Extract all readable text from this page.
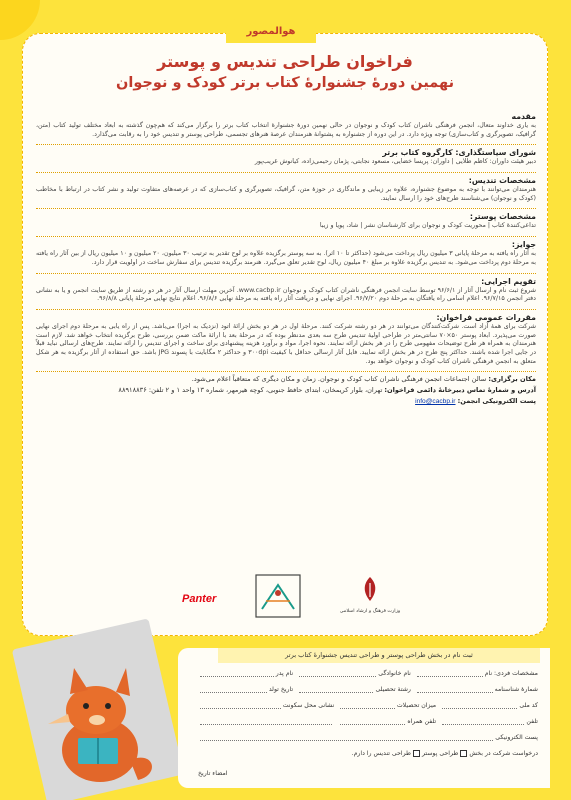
هوالمصور
فراخوان طراحی تندیس و پوستر
نهمین دورهٔ جشنوارهٔ کتاب برتر کودک و نوجوان
مقدمه

به یاری خداوند متعال، انجمن فرهنگی ناشران کتاب کودک و نوجوان در حالی نهمین دورهٔ جشنوارهٔ انتخاب کتاب برتر را برگزار می‌کند که هم‌چون گذشته به ابعاد مختلف تولید کتاب (متن، گرافیک، تصویرگری و کتاب‌سازی) توجه ویژه دارد. در این دوره از جشنواره به پشتوانهٔ هنرمندان عرصهٔ هنرهای تجسمی، طراحی پوستر و تندیس خود را به رقابت می‌گذارد.

شورای سیاستگذاری: کارگروه کتاب برتر

دبیر هیئت داوران: کاظم طلایی | داوران: پریسا خضایی، مسعود نجابتی، پژمان رحیمی‌زاده، کیانوش غریب‌پور

مشخصات تندیس:

هنرمندان می‌توانند با توجه به موضوع جشنواره، علاوه بر زیبایی و ماندگاری در حوزهٔ متن، گرافیک، تصویرگری و کتاب‌سازی که در عرصه‌های متفاوت تولید و نشر کتاب در ارتباط با مخاطب (کودک و نوجوان) می‌شناسند طرح‌های خود را ارسال نمایند.

مشخصات پوستر:

تداعی‌کنندهٔ کتاب | محوریت کودک و نوجوان برای کارشناسان نشر | شاد، پویا و زیبا

جوایز:

به آثار راه یافته به مرحلهٔ پایانی ۳ میلیون ریال پرداخت می‌شود (حداکثر تا ۱۰ اثر). به سه پوستر برگزیده علاوه بر لوح تقدیر به ترتیب ۳۰ میلیون، ۲۰ میلیون و ۱۰ میلیون ریال از بین آثار راه یافته به مرحلهٔ دوم پرداخت می‌شود. به تندیس برگزیده علاوه بر مبلغ ۴۰ میلیون ریال، لوح تقدیر تعلق می‌گیرد. هنرمند برگزیده تندیس برای سفارش ساخت در اولویت قرار دارد.

تقویم اجرایی:

شروع ثبت نام و ارسال آثار از ۹۶/۶/۱ توسط سایت انجمن فرهنگی ناشران کتاب کودک و نوجوان www.cacbp.ir. آخرین مهلت ارسال آثار در هر دو رشته از طریق سایت انجمن و یا به نشانی دفتر انجمن ۹۶/۷/۱۵. اعلام اسامی راه یافتگان به مرحلهٔ دوم ۹۶/۷/۲۰. اجرای نهایی و دریافت آثار راه یافته به مرحلهٔ نهایی ۹۶/۸/۶. اعلام نتایج نهایی مرحلهٔ پایانی ۹۶/۸/۸.

مقررات عمومی فراخوان:

شرکت برای همهٔ آزاد است. شرکت‌کنندگان می‌توانند در هر دو رشته شرکت کنند. مرحلهٔ اول در هر دو بخش ارائهٔ اتود (نزدیک به اجرا) می‌باشد. پس از راه یابی به مرحلهٔ دوم اجرای نهایی صورت می‌پذیرد. ابعاد پوستر ۵۰×۷۰ سانتی‌متر در طراحی اولیهٔ تندیس طرح سه بعدی مدنظر بوده که در مرحلهٔ بعد با ارائهٔ ماکت ضمن بررسی، طرح برگزیده انتخاب خواهد شد. لازم است هنرمندان به همراه هر طرح توضیحات مفهومی طرح را در هر بخش ارائه نمایند. نحوه اجرا، مواد و برآورد هزینه پیشنهادی برای ساخت و اجرای تندیس را ارائه نمایند. طرح‌های ارسالی نباید قبلاً در جایی اجرا شده باشند. حداکثر پنج طرح در هر بخش ارائه نمایید. فایل آثار ارسالی حداقل با کیفیت ۳۰۰dpi و حداکثر ۲ مگابایت با پسوند JPG باشد. حق استفاده از آثار برگزیده به هر شکل متعلق به انجمن فرهنگی ناشران کتاب کودک و نوجوان خواهد بود.

مکان برگزاری: سالن اجتماعات انجمن فرهنگی ناشران کتاب کودک و نوجوان. زمان و مکان دیگری که متعاقباً اعلام می‌شود.
آدرس و شمارهٔ تماس دبیرخانهٔ دائمی فراخوان: تهران، بلوار کریمخان، ابتدای حافظ جنوبی، کوچه هیرمهر، شماره ۱۳ واحد ۱ و ۲ تلفن: ۸۸۹۱۸۸۳۶
پست الکترونیکی انجمن: info@cacbp.ir
Panter
وزارت فرهنگ و ارشاد اسلامی
ثبت نام در بخش طراحی پوستر و طراحی تندیس جشنوارهٔ کتاب برتر
مشخصات فردی: نام
نام خانوادگی
نام پدر
شمارهٔ شناسنامه
رشتهٔ تحصیلی
تاریخ تولد
کد ملی
میزان تحصیلات
نشانی محل سکونت
تلفن
تلفن همراه
پست الکترونیکی
درخواست شرکت در بخش
طراحی پوستر
طراحی تندیس را دارم.
امضاء تاریخ
